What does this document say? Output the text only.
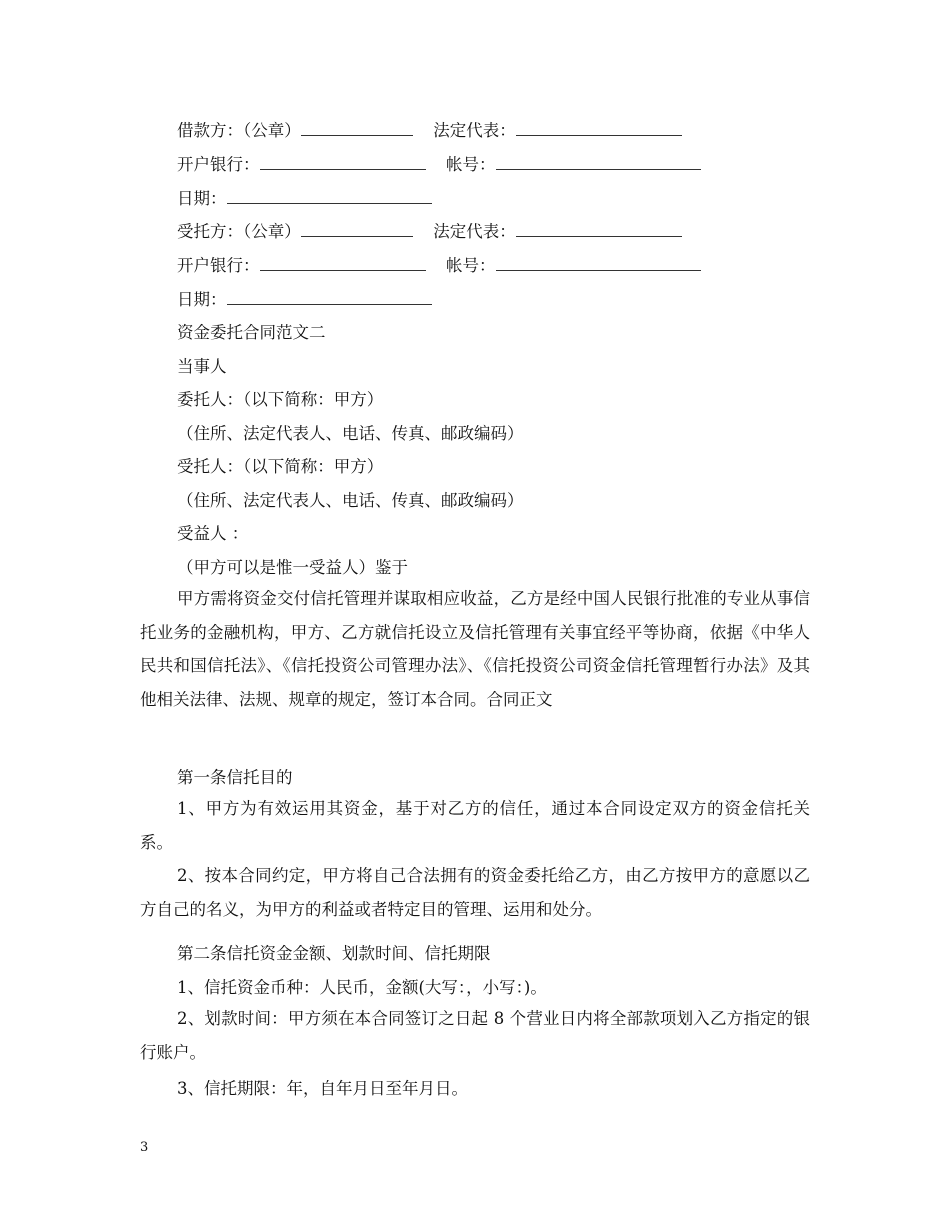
借款方：（公章）	法定代表：
开户银行：	帐号：
日期：
受托方：（公章）	法定代表：
开户银行：	帐号：
日期：
资金委托合同范文二
当事人
委托人：（以下简称：甲方）
（住所、法定代表人、电话、传真、邮政编码）
受托人：（以下简称：甲方）
（住所、法定代表人、电话、传真、邮政编码）
受益人 ：
（甲方可以是惟一受益人）鉴于
甲方需将资金交付信托管理并谋取相应收益，乙方是经中国人民银行批准的专业从事信托业务的金融机构，甲方、乙方就信托设立及信托管理有关事宜经平等协商，依据《中华人民共和国信托法》、《信托投资公司管理办法》、《信托投资公司资金信托管理暂行办法》及其他相关法律、法规、规章的规定，签订本合同。合同正文
第一条信托目的
1、甲方为有效运用其资金，基于对乙方的信任，通过本合同设定双方的资金信托关系。
2、按本合同约定，甲方将自己合法拥有的资金委托给乙方，由乙方按甲方的意愿以乙方自己的名义，为甲方的利益或者特定目的管理、运用和处分。
第二条信托资金金额、划款时间、信托期限
1、信托资金币种：人民币，金额(大写：，小写：)。
2、划款时间：甲方须在本合同签订之日起 8 个营业日内将全部款项划入乙方指定的银行账户。
3、信托期限：年，自年月日至年月日。
3
